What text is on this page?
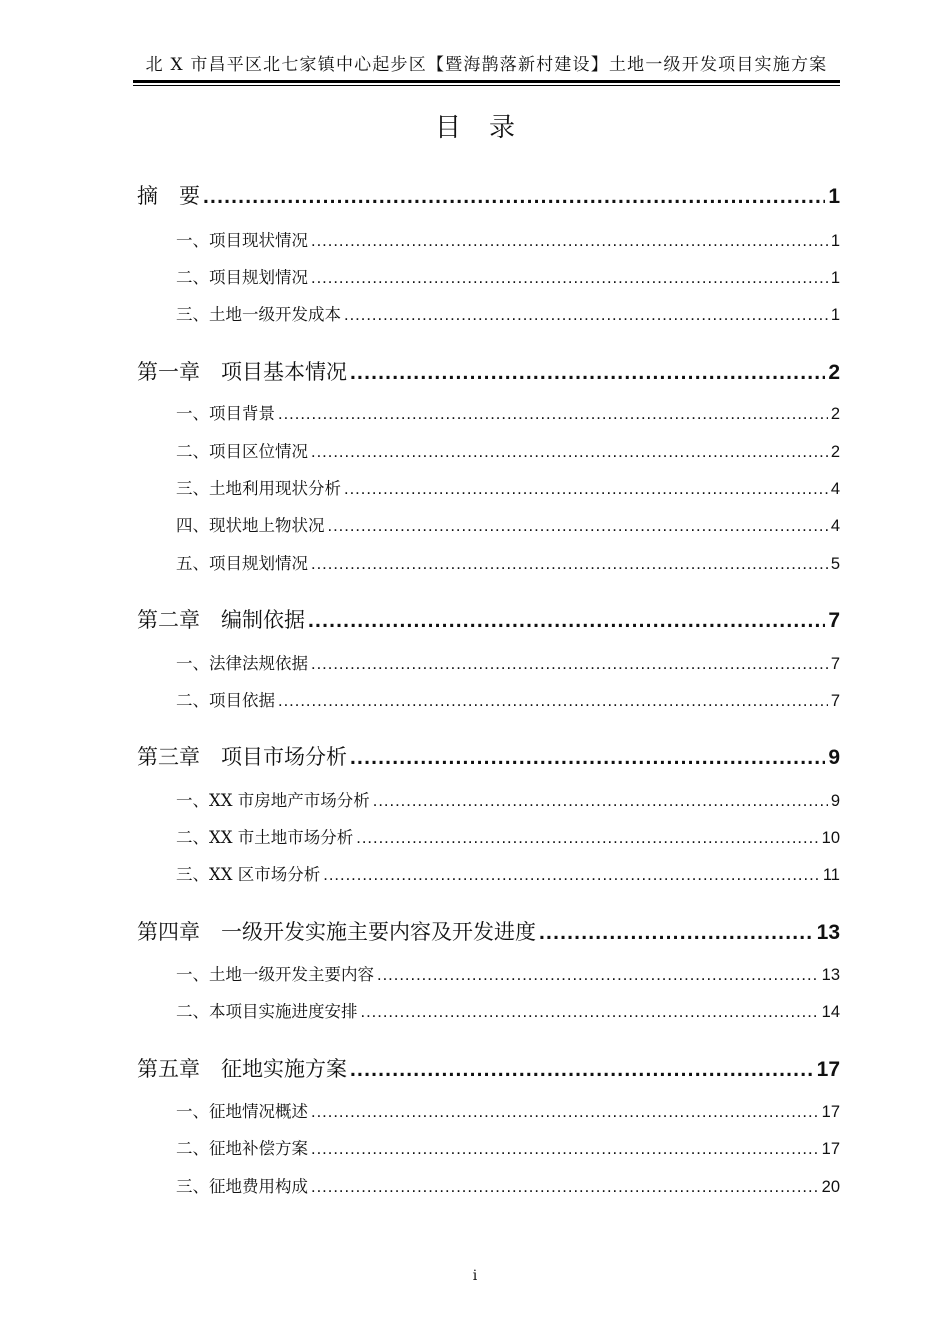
北 X 市昌平区北七家镇中心起步区【暨海鹊落新村建设】土地一级开发项目实施方案
目录
摘　要 .....	1
一、项目现状情况 .....	1
二、项目规划情况 .....	1
三、土地一级开发成本 .....	1
第一章　项目基本情况 .....	2
一、项目背景 .....	2
二、项目区位情况 .....	2
三、土地利用现状分析 .....	4
四、现状地上物状况 .....	4
五、项目规划情况 .....	5
第二章　编制依据 .....	7
一、法律法规依据 .....	7
二、项目依据 .....	7
第三章　项目市场分析 .....	9
一、XX 市房地产市场分析 .....	9
二、XX 市土地市场分析 .....	10
三、XX 区市场分析 .....	11
第四章　一级开发实施主要内容及开发进度 .....	13
一、土地一级开发主要内容 .....	13
二、本项目实施进度安排 .....	14
第五章　征地实施方案 .....	17
一、征地情况概述 .....	17
二、征地补偿方案 .....	17
三、征地费用构成 .....	20
i
